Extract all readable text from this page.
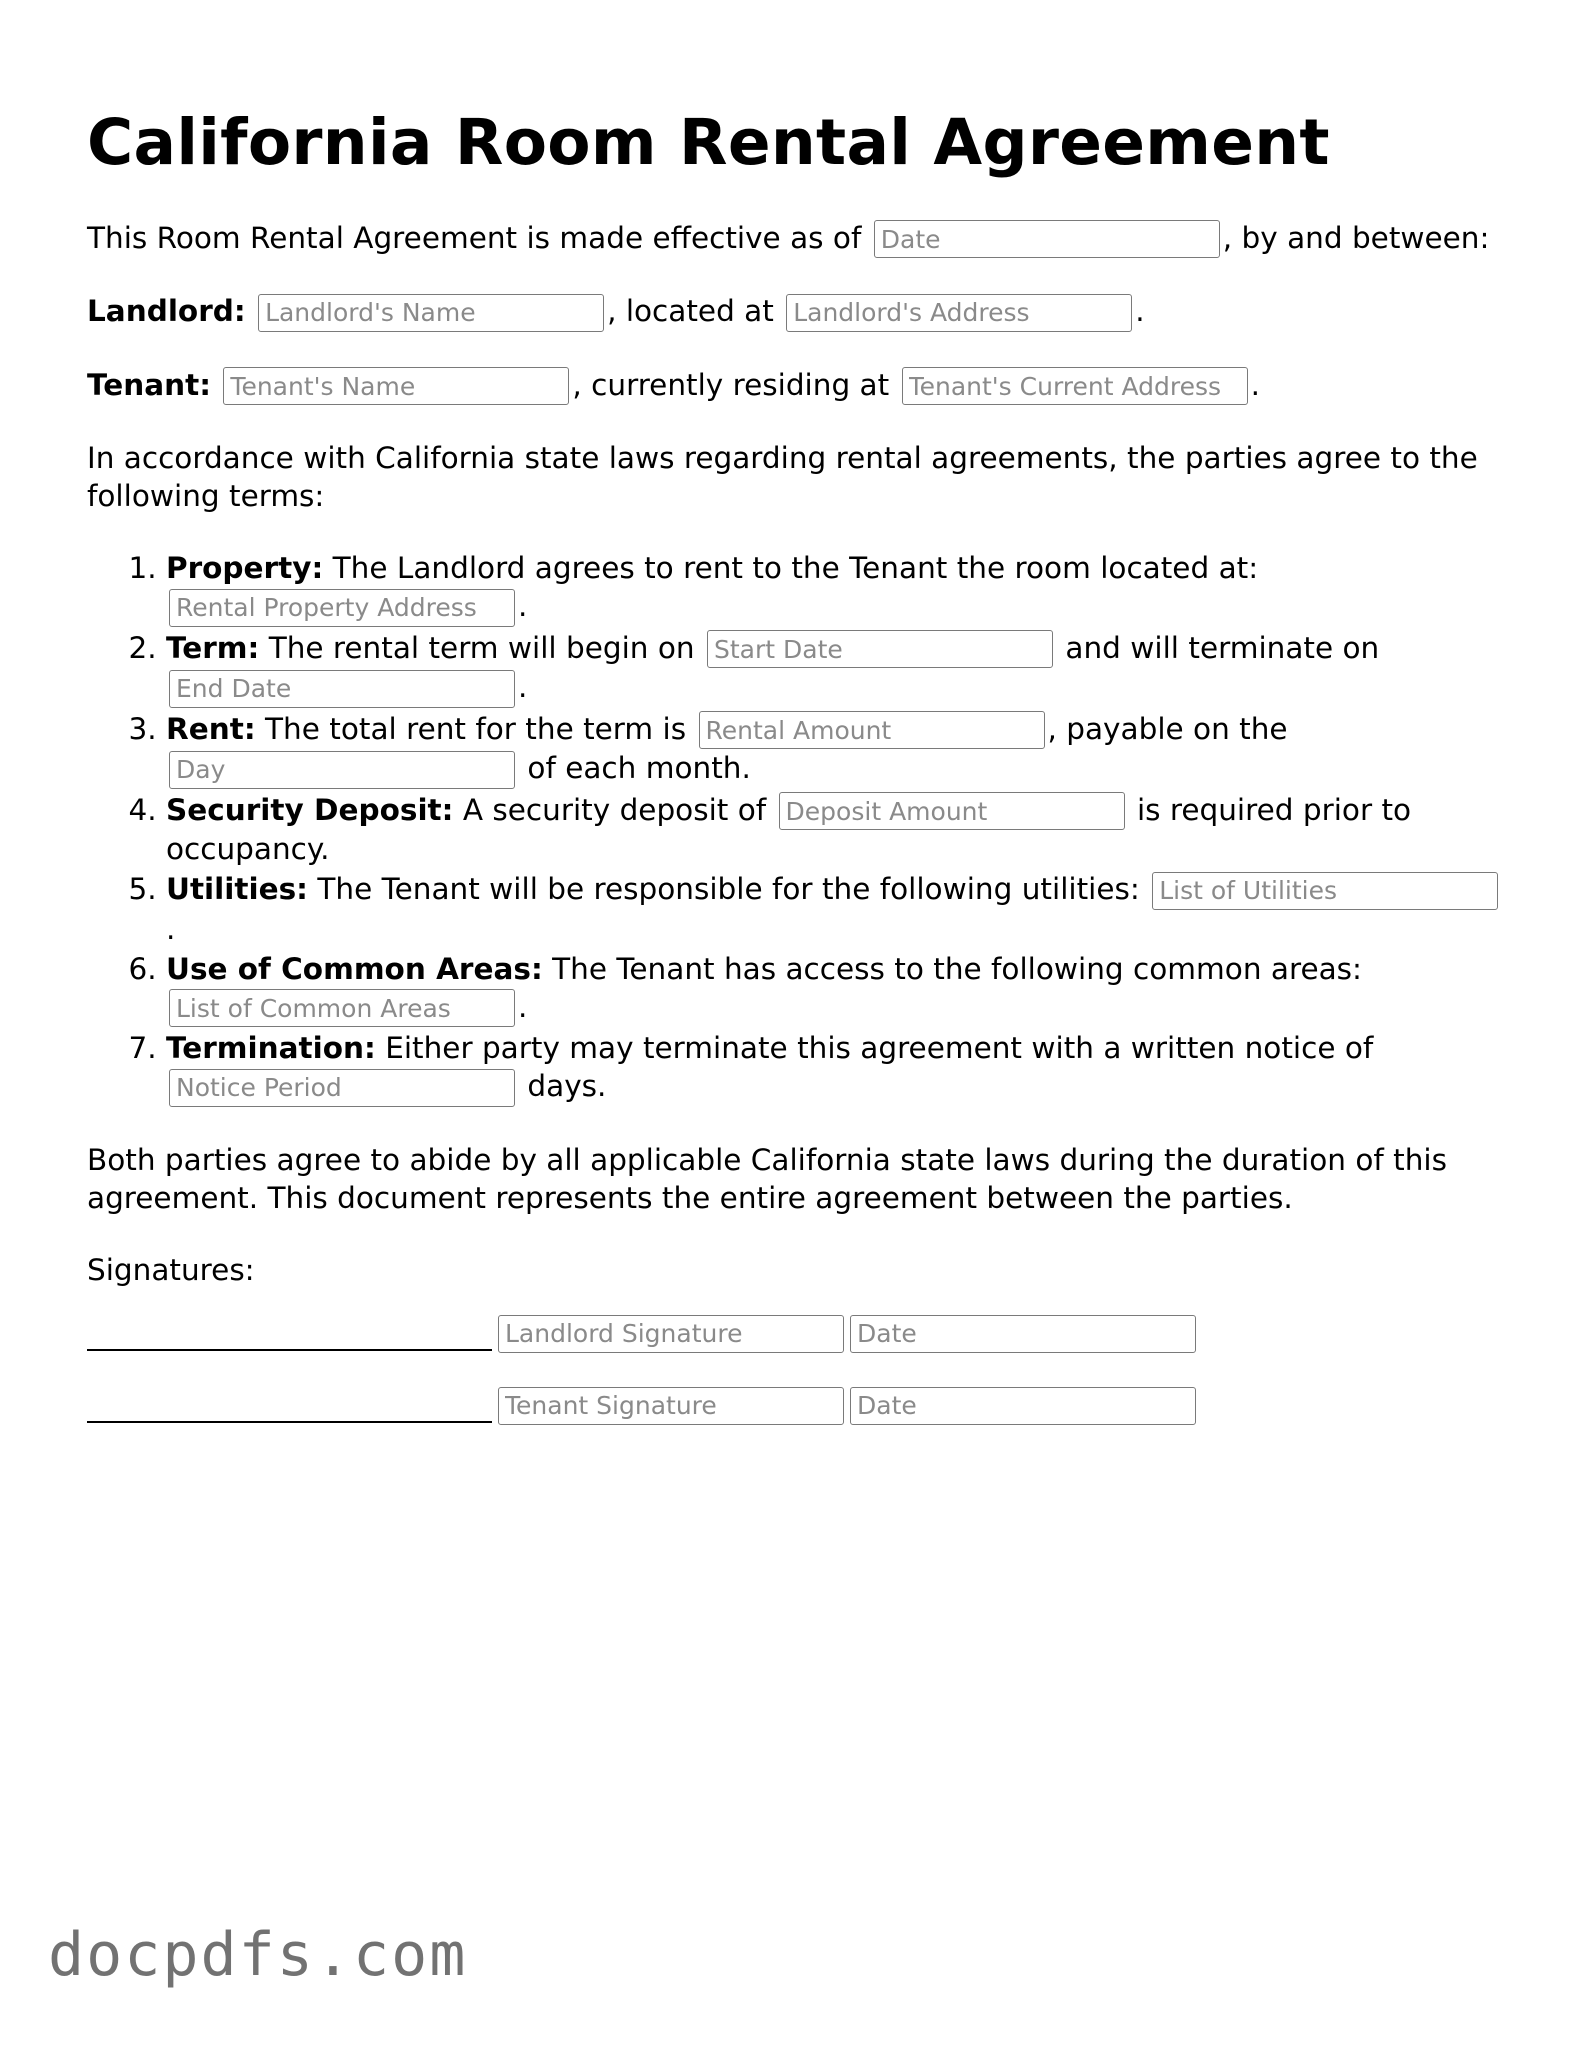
California Room Rental Agreement

This Room Rental Agreement is made effective as of Date	, by and between:

Landlord: Landlord's Name	, located at Landlord's Address	.

Tenant: Tenant's Name	, currently residing at Tenant's Current Address	.

In accordance with California state laws regarding rental agreements, the parties agree to the following terms:

1. Property: The Landlord agrees to rent to the Tenant the room located at: Rental Property Address.
2. Term: The rental term will begin on Start Date	and will terminate on End Date.
3. Rent: The total rent for the term is Rental Amount	, payable on the Day of each month.
4. Security Deposit: A security deposit of Deposit Amount	is required prior to occupancy.
5. Utilities: The Tenant will be responsible for the following utilities: List of Utilities.
6. Use of Common Areas: The Tenant has access to the following common areas: List of Common Areas.
7. Termination: Either party may terminate this agreement with a written notice of Notice Period days.

Both parties agree to abide by all applicable California state laws during the duration of this agreement. This document represents the entire agreement between the parties.

Signatures:

Landlord Signature
Date
Tenant Signature
Date
docpdfs.com
